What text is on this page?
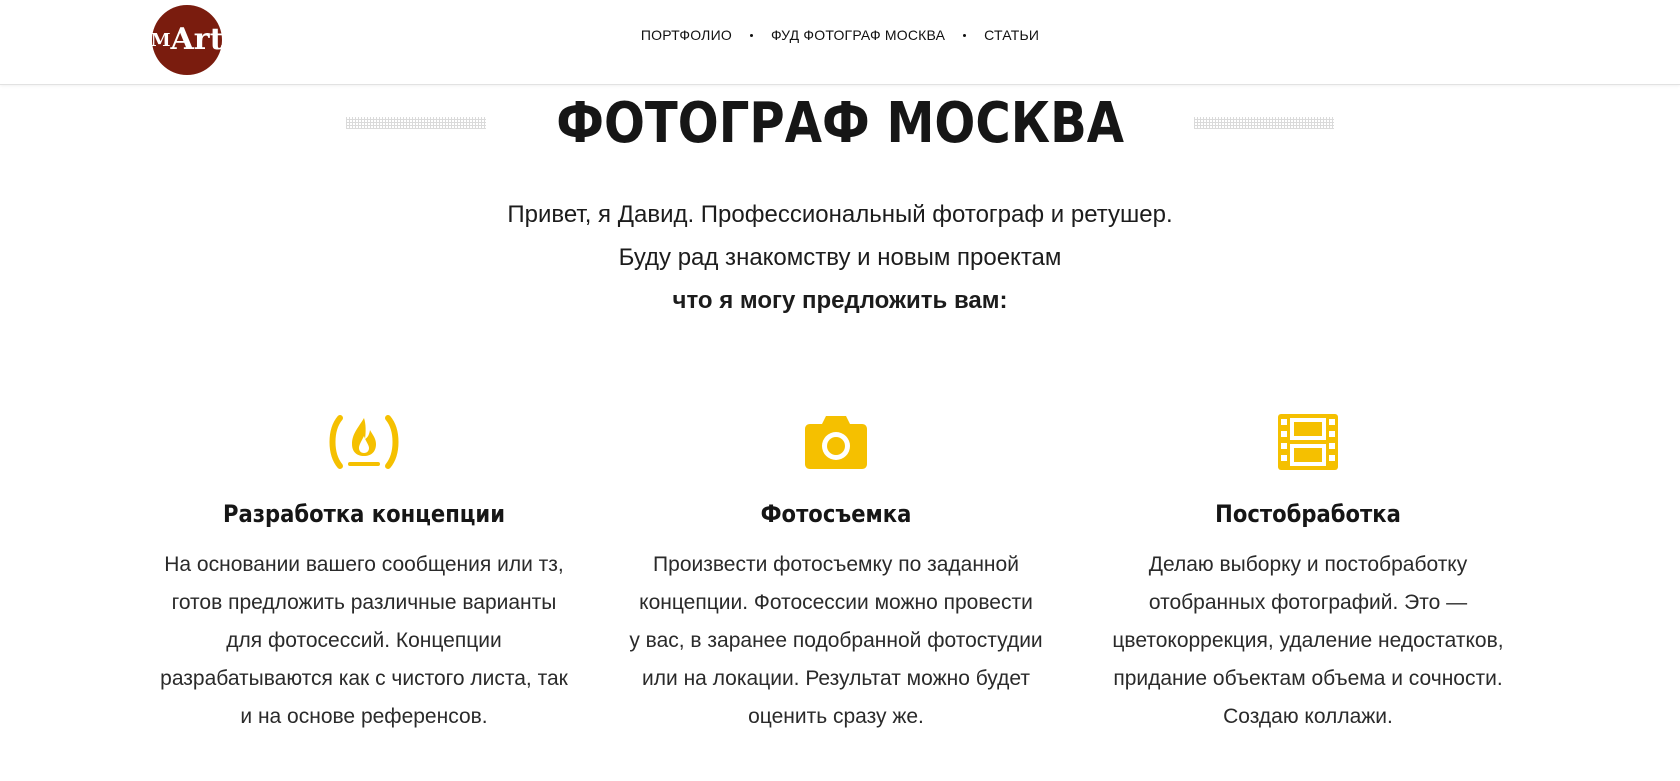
M Art	ПОРТФОЛИО	ФУД ФОТОГРАФ МОСКВА	СТАТЬИ
ФОТОГРАФ МОСКВА
Привет, я Давид. Профессиональный фотограф и ретушер.
Буду рад знакомству и новым проектам
что я могу предложить вам:
Разработка концепции

На основании вашего сообщения или тз,
готов предложить различные варианты
для фотосессий. Концепции
разрабатываются как с чистого листа, так
и на основе референсов.

Фотосъемка

Произвести фотосъемку по заданной
концепции. Фотосессии можно провести
у вас, в заранее подобранной фотостудии
или на локации. Результат можно будет
оценить сразу же.

Постобработка

Делаю выборку и постобработку
отобранных фотографий. Это —
цветокоррекция, удаление недостатков,
придание объектам объема и сочности.
Создаю коллажи.
